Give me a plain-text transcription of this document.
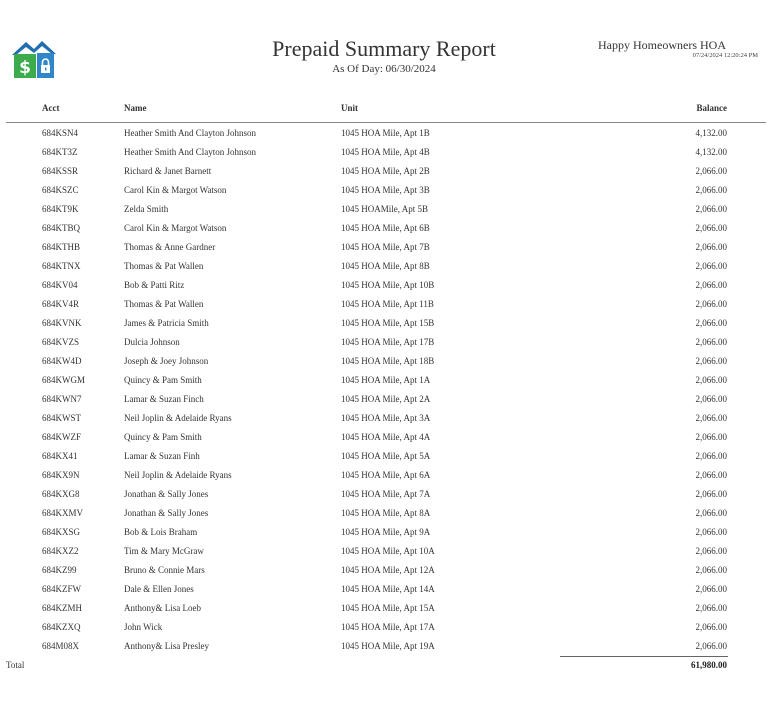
$
Prepaid Summary Report
As Of Day: 06/30/2024
Happy Homeowners HOA
07/24/2024 12:20:24 PM
Acct	Name	Unit	Balance
684KSN4	Heather Smith And Clayton Johnson	1045 HOA Mile, Apt 1B	4,132.00
684KT3Z	Heather Smith And Clayton Johnson	1045 HOA Mile, Apt 4B	4,132.00
684KSSR	Richard & Janet Barnett	1045 HOA Mile, Apt 2B	2,066.00
684KSZC	Carol Kin & Margot Watson	1045 HOA Mile, Apt 3B	2,066.00
684KT9K	Zelda Smith	1045 HOAMile, Apt 5B	2,066.00
684KTBQ	Carol Kin & Margot Watson	1045 HOA Mile, Apt 6B	2,066.00
684KTHB	Thomas & Anne Gardner	1045 HOA Mile, Apt 7B	2,066.00
684KTNX	Thomas & Pat Wallen	1045 HOA Mile, Apt 8B	2,066.00
684KV04	Bob & Patti Ritz	1045 HOA Mile, Apt 10B	2,066.00
684KV4R	Thomas & Pat Wallen	1045 HOA Mile, Apt 11B	2,066.00
684KVNK	James & Patricia Smith	1045 HOA Mile, Apt 15B	2,066.00
684KVZS	Dulcia Johnson	1045 HOA Mile, Apt 17B	2,066.00
684KW4D	Joseph & Joey Johnson	1045 HOA Mile, Apt 18B	2,066.00
684KWGM	Quincy & Pam Smith	1045 HOA Mile, Apt 1A	2,066.00
684KWN7	Lamar & Suzan Finch	1045 HOA Mile, Apt 2A	2,066.00
684KWST	Neil Joplin & Adelaide Ryans	1045 HOA Mile, Apt 3A	2,066.00
684KWZF	Quincy & Pam Smith	1045 HOA Mile, Apt 4A	2,066.00
684KX41	Lamar & Suzan Finh	1045 HOA Mile, Apt 5A	2,066.00
684KX9N	Neil Joplin & Adelaide Ryans	1045 HOA Mile, Apt 6A	2,066.00
684KXG8	Jonathan & Sally Jones	1045 HOA Mile, Apt 7A	2,066.00
684KXMV	Jonathan & Sally Jones	1045 HOA Mile, Apt 8A	2,066.00
684KXSG	Bob & Lois Braham	1045 HOA Mile, Apt 9A	2,066.00
684KXZ2	Tim & Mary McGraw	1045 HOA Mile, Apt 10A	2,066.00
684KZ99	Bruno & Connie Mars	1045 HOA Mile, Apt 12A	2,066.00
684KZFW	Dale & Ellen Jones	1045 HOA Mile, Apt 14A	2,066.00
684KZMH	Anthony& Lisa Loeb	1045 HOA Mile, Apt 15A	2,066.00
684KZXQ	John Wick	1045 HOA Mile, Apt 17A	2,066.00
684M08X	Anthony& Lisa Presley	1045 HOA Mile, Apt 19A	2,066.00
Total	61,980.00
